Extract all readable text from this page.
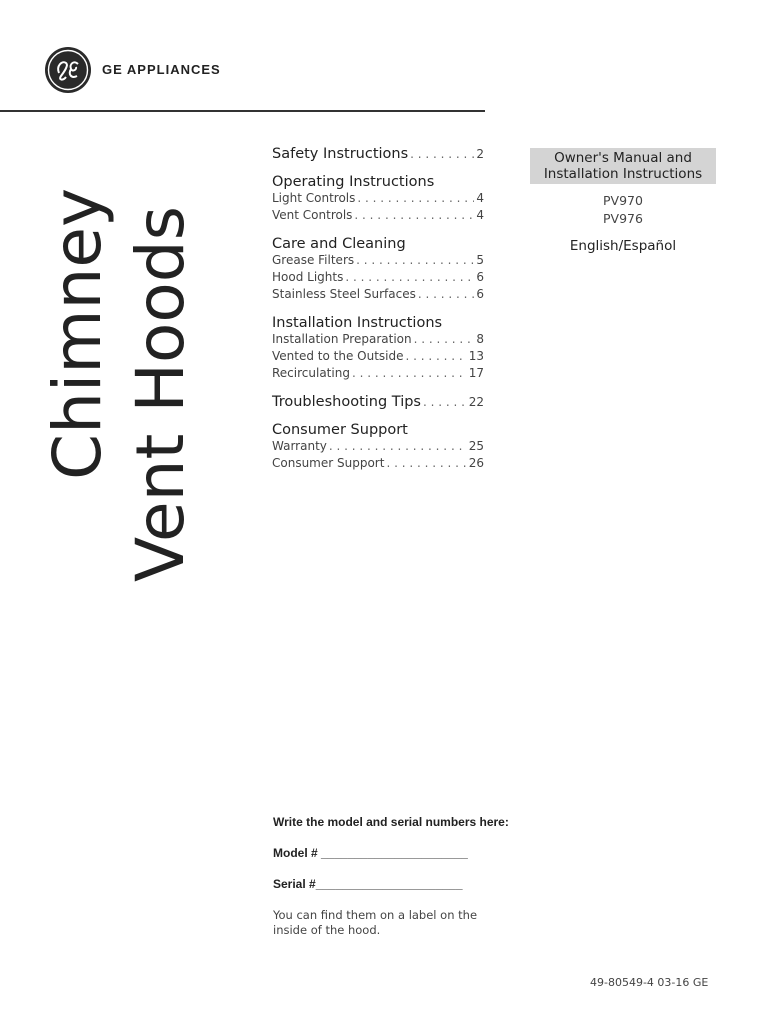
GE APPLIANCES
Chimney Vent Hoods
Safety Instructions . . .	2
Operating Instructions
Light Controls . . .	4
Vent Controls . . .	4
Care and Cleaning
Grease Filters . . .	5
Hood Lights . . .	6
Stainless Steel Surfaces . . .	6
Installation Instructions
Installation Preparation . . .	8
Vented to the Outside . . .	13
Recirculating . . .	17
Troubleshooting Tips . . .	22
Consumer Support
Warranty . . .	25
Consumer Support . . .	26
Owner's Manual and
Installation Instructions
PV970
PV976
English/Español
Write the model and serial numbers here:
Model # ______________________
Serial #______________________
You can find them on a label on the inside of the hood.
49-80549-4 03-16 GE
